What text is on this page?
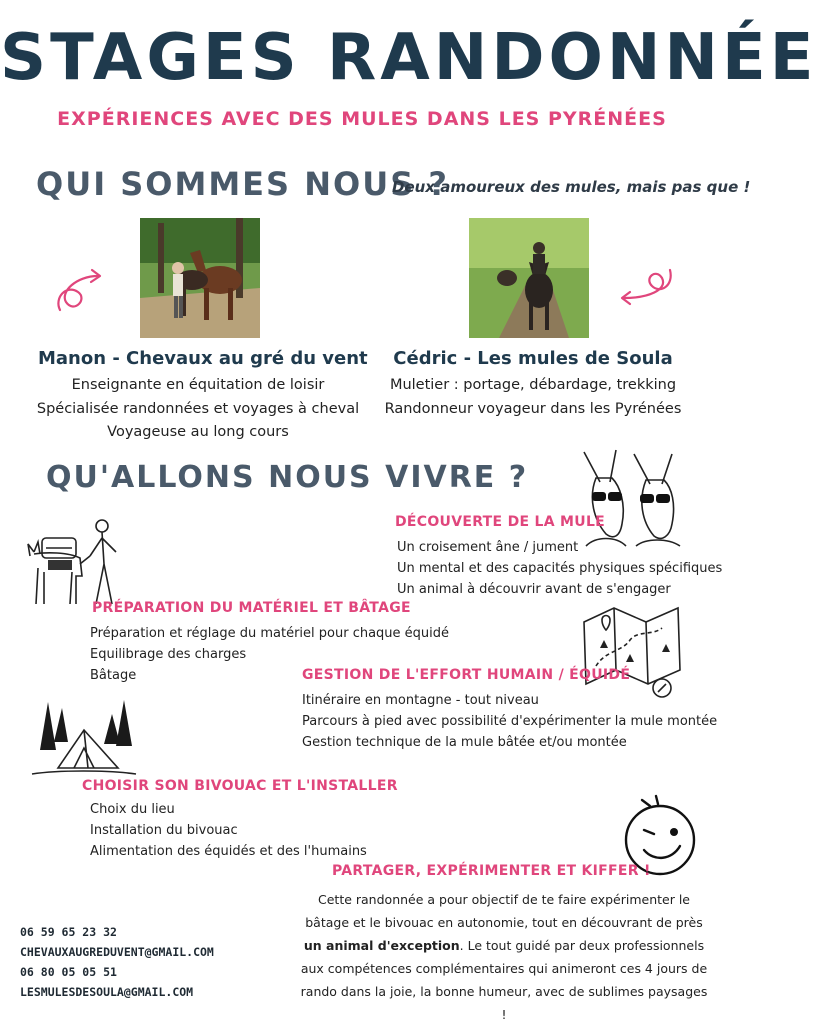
STAGES RANDONNÉE
EXPÉRIENCES AVEC DES MULES DANS LES PYRÉNÉES
QUI SOMMES NOUS ?
Deux amoureux des mules, mais pas que !
Manon - Chevaux au gré du vent
Enseignante en équitation de loisir
Spécialisée randonnées et voyages à cheval
Voyageuse au long cours
Cédric - Les mules de Soula
Muletier : portage, débardage, trekking
Randonneur voyageur dans les Pyrénées
QU'ALLONS NOUS VIVRE ?
DÉCOUVERTE DE LA MULE
Un croisement âne / jument
Un mental et des capacités physiques spécifiques
Un animal à découvrir avant de s'engager
PRÉPARATION DU MATÉRIEL ET BÂTAGE
Préparation et réglage du matériel pour chaque équidé
Equilibrage des charges
Bâtage	GESTION DE L'EFFORT HUMAIN / ÉQUIDÉ
Itinéraire en montagne - tout niveau
Parcours à pied avec possibilité d'expérimenter la mule montée
Gestion technique de la mule bâtée et/ou montée
CHOISIR SON BIVOUAC ET L'INSTALLER
Choix du lieu
Installation du bivouac
Alimentation des équidés et des l'humains
PARTAGER, EXPÉRIMENTER ET KIFFER !
Cette randonnée a pour objectif de te faire expérimenter le bâtage et le bivouac en autonomie, tout en découvrant de près un animal d'exception. Le tout guidé par deux professionnels aux compétences complémentaires qui animeront ces 4 jours de rando dans la joie, la bonne humeur, avec de sublimes paysages !
06 59 65 23 32
CHEVAUXAUGREDUVENT@GMAIL.COM
06 80 05 05 51
LESMULESDESOULA@GMAIL.COM
